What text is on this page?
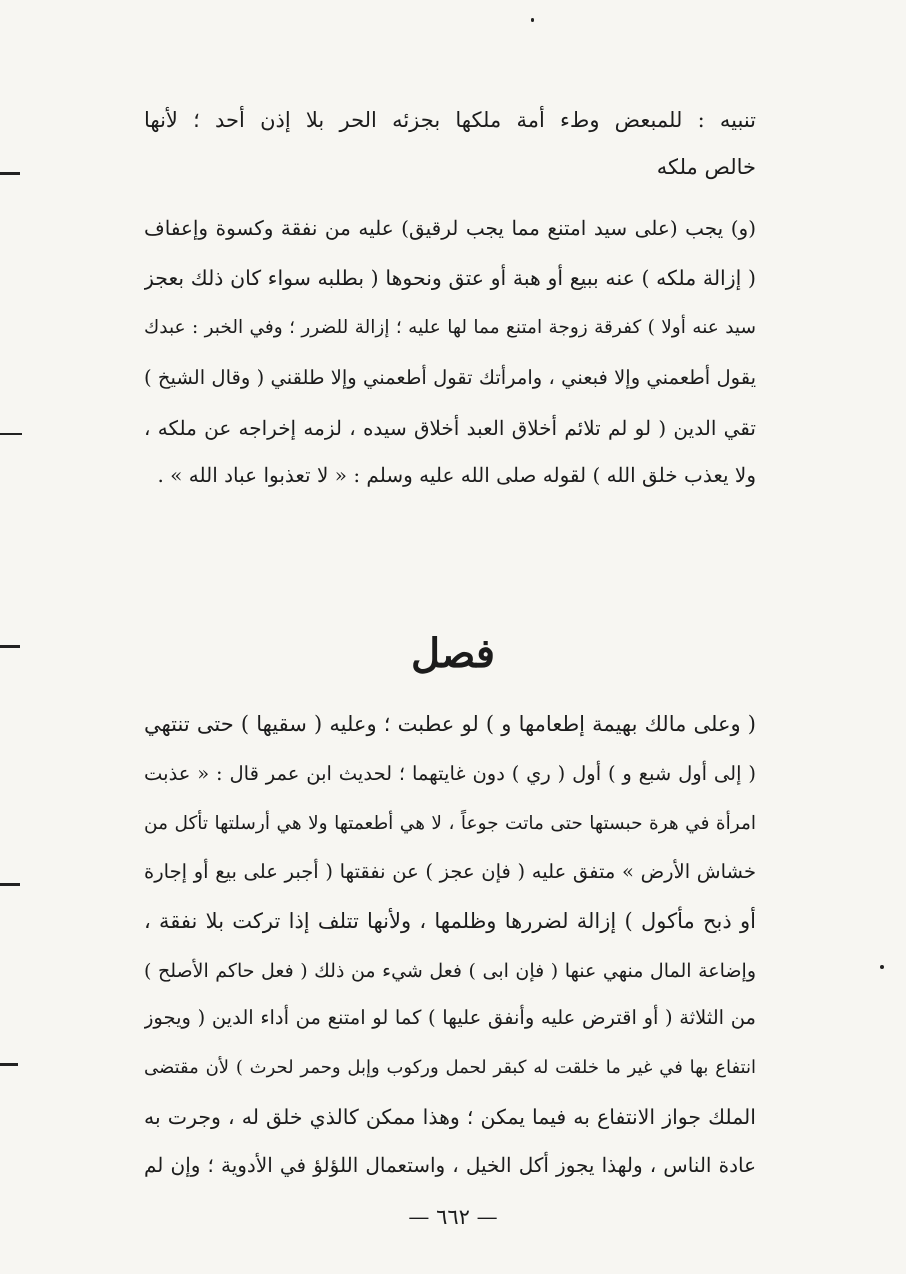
تنبيه : للمبعض وطء أمة ملكها بجزئه الحر بلا إذن أحد ؛ لأنها
خالص ملكه
(و) يجب (على سيد امتنع مما يجب لرقيق) عليه من نفقة وكسوة وإعفاف
( إزالة ملكه ) عنه ببيع أو هبة أو عتق ونحوها ( بطلبه سواء كان ذلك بعجز
سيد عنه أولا ) كفرقة زوجة امتنع مما لها عليه ؛ إزالة للضرر ؛ وفي الخبر : عبدك
يقول أطعمني وإلا فبعني ، وامرأتك تقول أطعمني وإلا طلقني ( وقال الشيخ )
تقي الدين ( لو لم تلائم أخلاق العبد أخلاق سيده ، لزمه إخراجه عن ملكه ،
ولا يعذب خلق الله ) لقوله صلى الله عليه وسلم : « لا تعذبوا عباد الله » .
فصل
( وعلى مالك بهيمة إطعامها و ) لو عطبت ؛ وعليه ( سقيها ) حتى تنتهي
( إلى أول شبع و ) أول ( ري ) دون غايتهما ؛ لحديث ابن عمر قال : « عذبت
امرأة في هرة حبستها حتى ماتت جوعاً ، لا هي أطعمتها ولا هي أرسلتها تأكل من
خشاش الأرض » متفق عليه ( فإن عجز ) عن نفقتها ( أجبر على بيع أو إجارة
أو ذبح مأكول ) إزالة لضررها وظلمها ، ولأنها تتلف إذا تركت بلا نفقة ،
وإضاعة المال منهي عنها ( فإن ابى ) فعل شيء من ذلك ( فعل حاكم الأصلح )
من الثلاثة ( أو اقترض عليه وأنفق عليها ) كما لو امتنع من أداء الدين ( ويجوز
انتفاع بها في غير ما خلقت له كبقر لحمل وركوب وإبل وحمر لحرث ) لأن مقتضى
الملك جواز الانتفاع به فيما يمكن ؛ وهذا ممكن كالذي خلق له ، وجرت به
عادة الناس ، ولهذا يجوز أكل الخيل ، واستعمال اللؤلؤ في الأدوية ؛ وإن لم
— ٦٦٢ —
